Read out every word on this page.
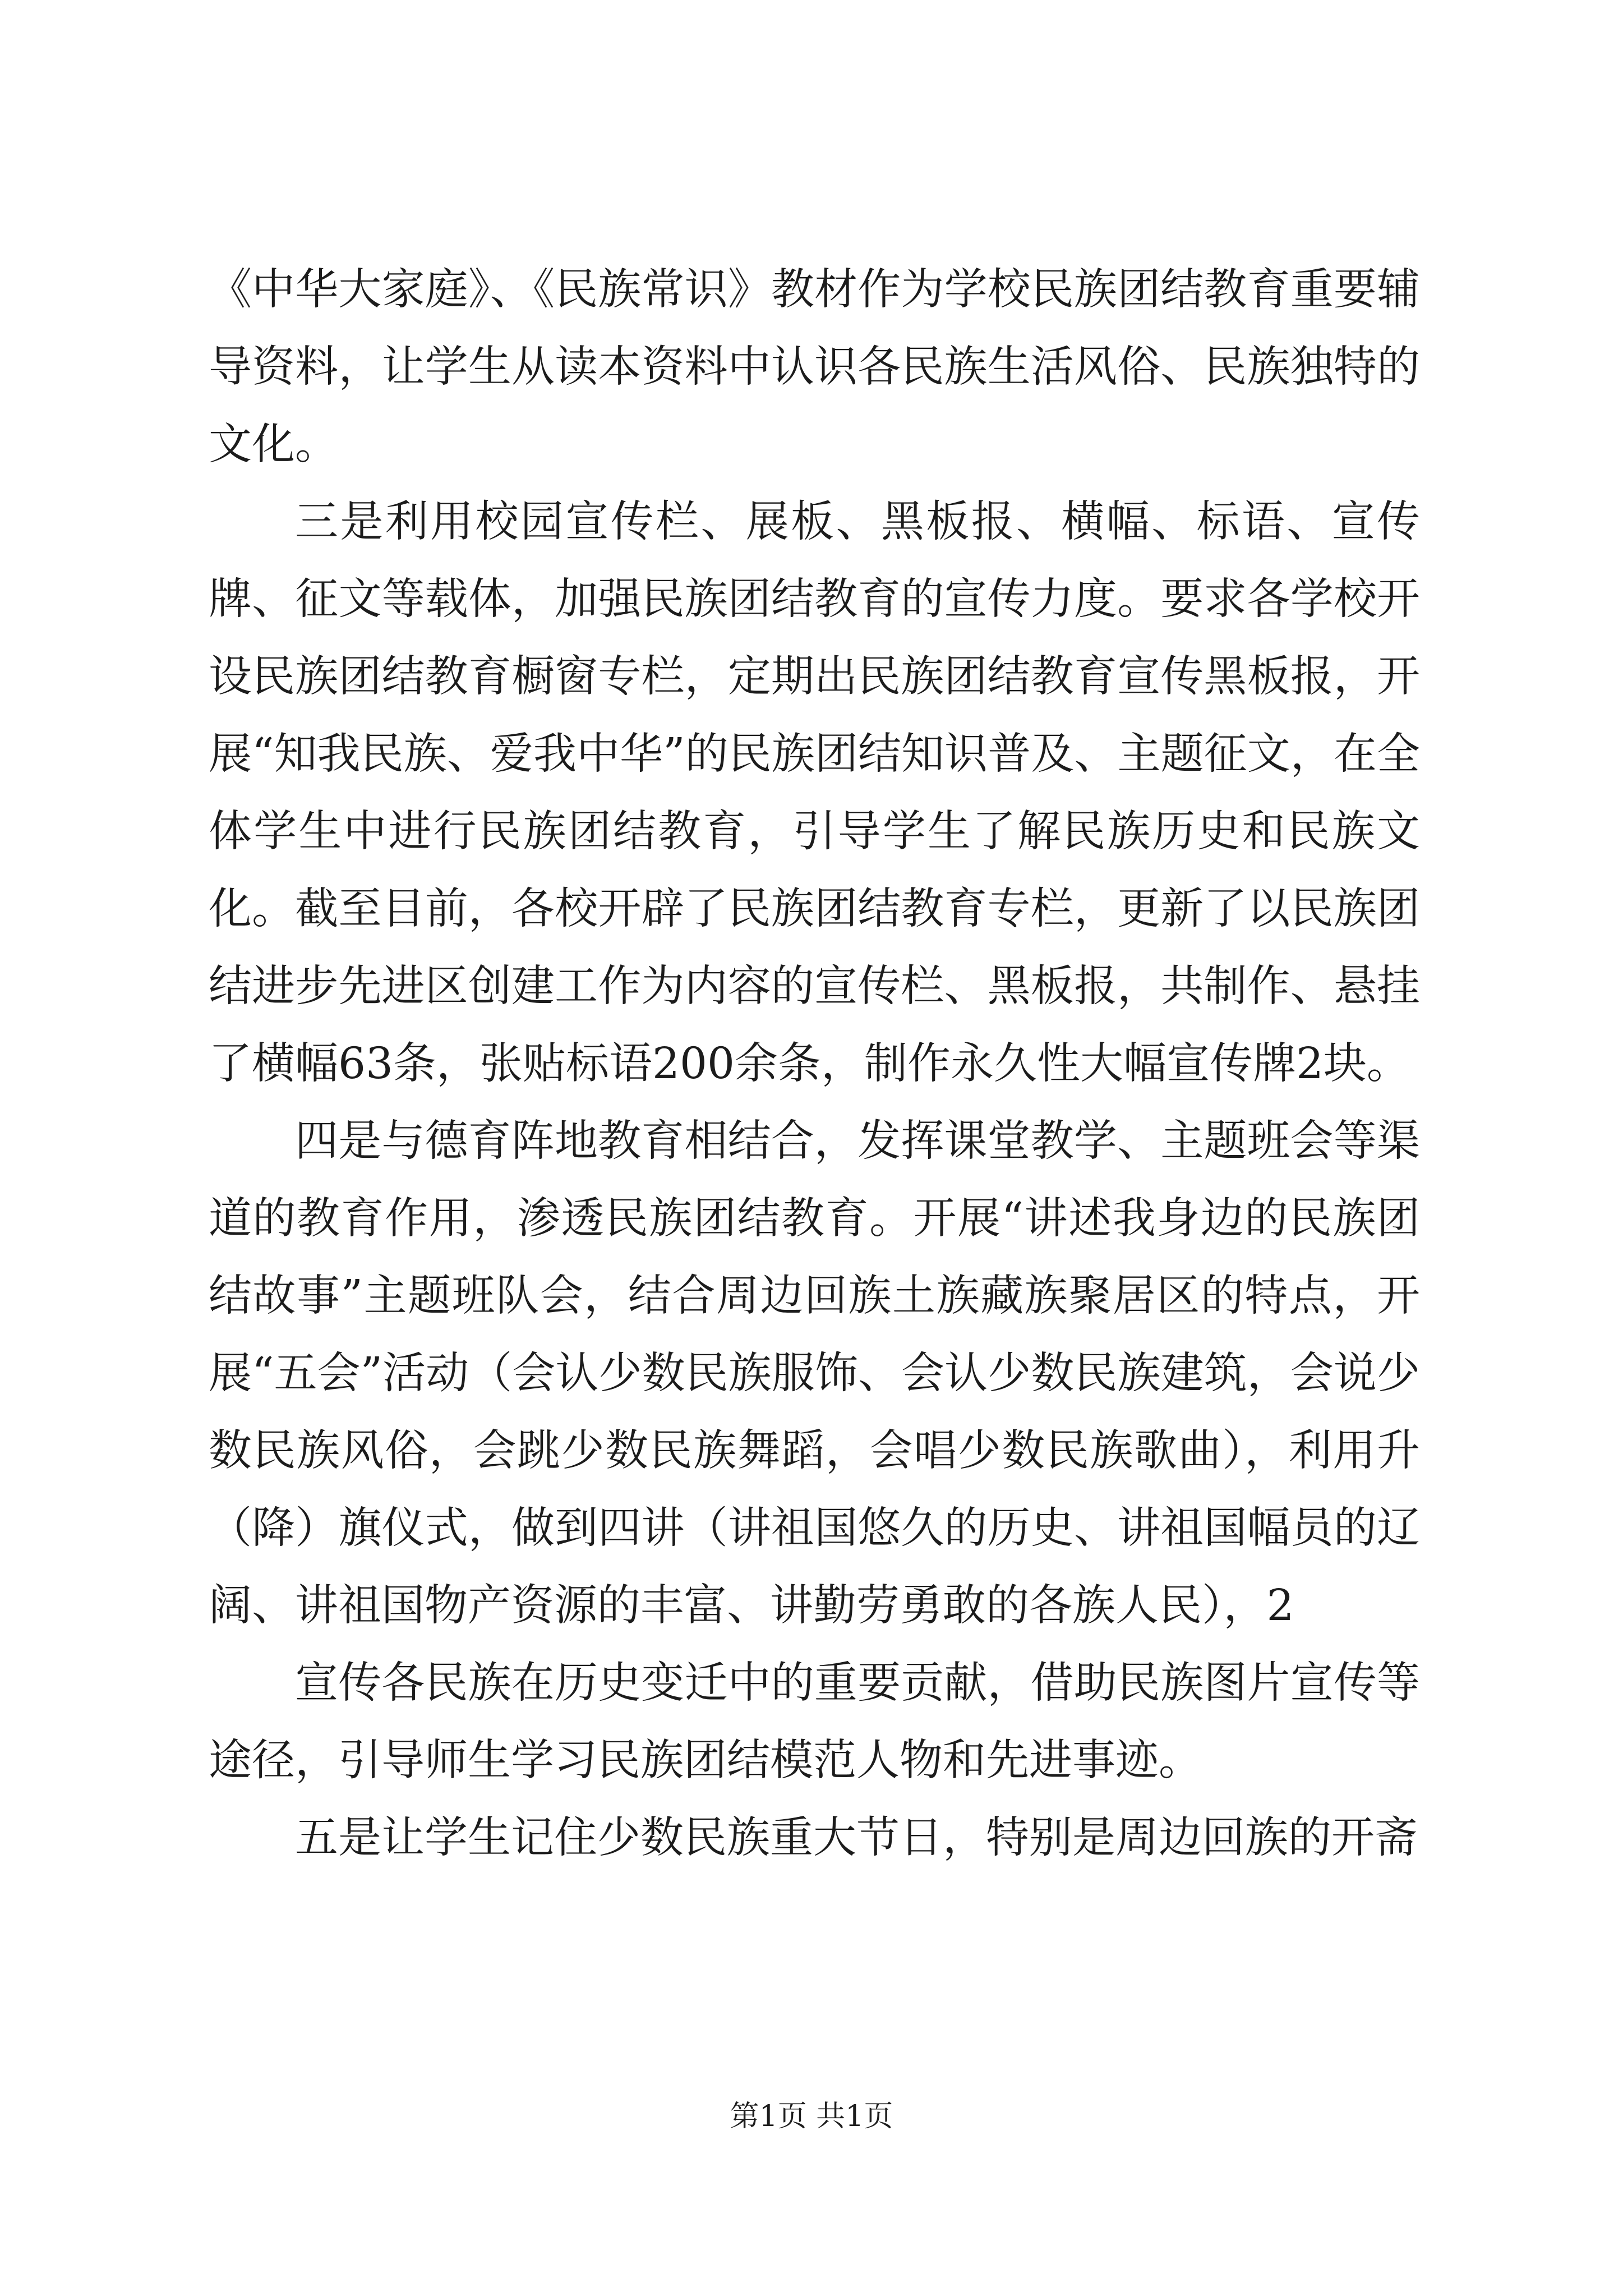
《中华大家庭》、《民族常识》教材作为学校民族团结教育重要辅导资料，让学生从读本资料中认识各民族生活风俗、民族独特的文化。

三是利用校园宣传栏、展板、黑板报、横幅、标语、宣传牌、征文等载体，加强民族团结教育的宣传力度。要求各学校开设民族团结教育橱窗专栏，定期出民族团结教育宣传黑板报，开展“知我民族、爱我中华”的民族团结知识普及、主题征文，在全体学生中进行民族团结教育，引导学生了解民族历史和民族文化。截至目前，各校开辟了民族团结教育专栏，更新了以民族团结进步先进区创建工作为内容的宣传栏、黑板报，共制作、悬挂了横幅63条，张贴标语200余条，制作永久性大幅宣传牌2块。

四是与德育阵地教育相结合，发挥课堂教学、主题班会等渠道的教育作用，渗透民族团结教育。开展“讲述我身边的民族团结故事”主题班队会，结合周边回族土族藏族聚居区的特点，开展“五会”活动（会认少数民族服饰、会认少数民族建筑，会说少数民族风俗，会跳少数民族舞蹈，会唱少数民族歌曲），利用升（降）旗仪式，做到四讲（讲祖国悠久的历史、讲祖国幅员的辽阔、讲祖国物产资源的丰富、讲勤劳勇敢的各族人民），2

宣传各民族在历史变迁中的重要贡献，借助民族图片宣传等途径，引导师生学习民族团结模范人物和先进事迹。

五是让学生记住少数民族重大节日，特别是周边回族的开斋

第1页 共1页
